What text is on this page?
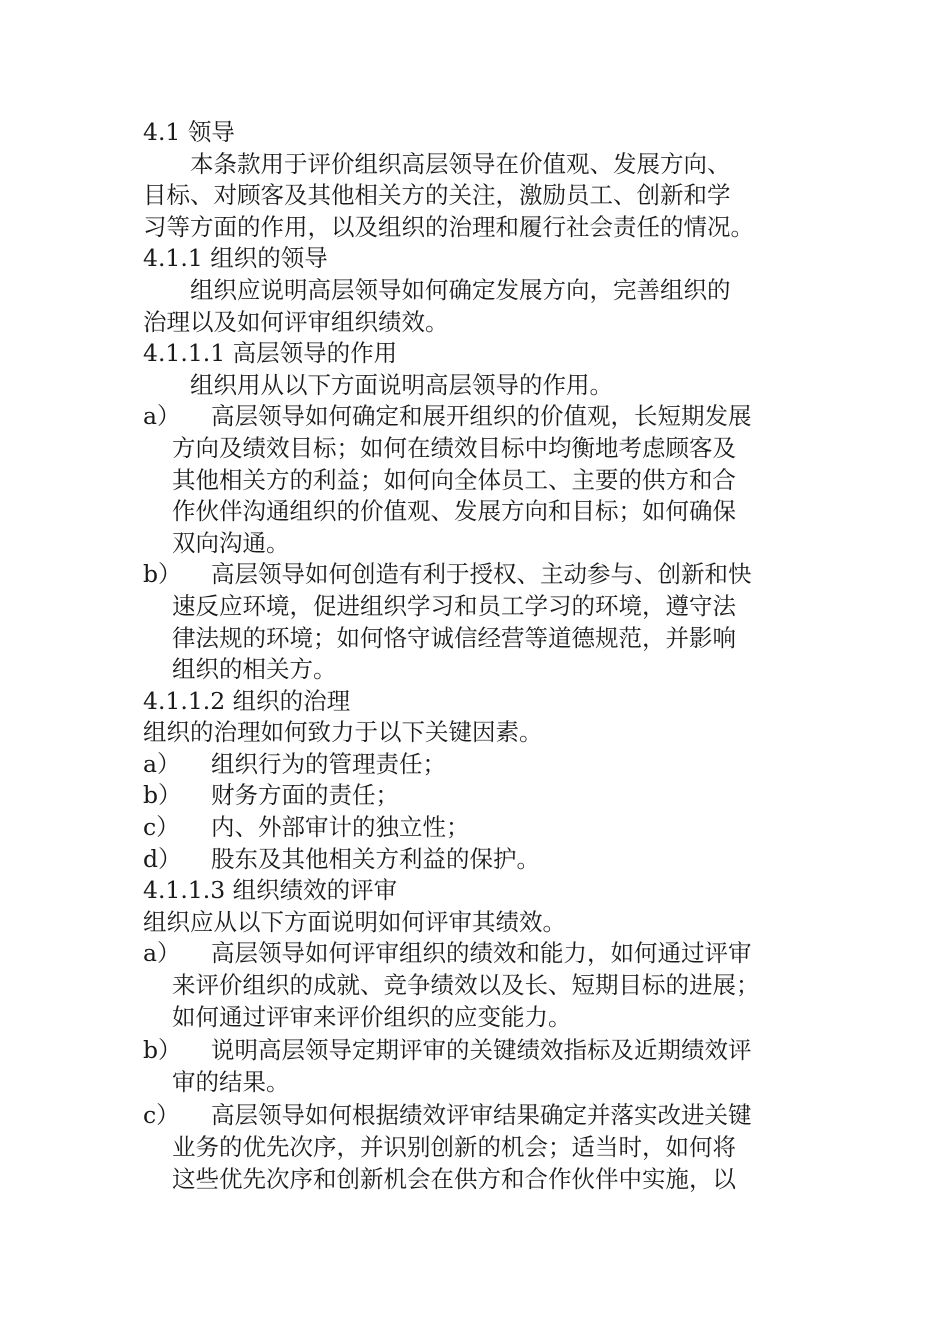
4.1 领导
本条款用于评价组织高层领导在价值观、发展方向、
目标、对顾客及其他相关方的关注，激励员工、创新和学
习等方面的作用，以及组织的治理和履行社会责任的情况。
4.1.1 组织的领导
组织应说明高层领导如何确定发展方向，完善组织的
治理以及如何评审组织绩效。
4.1.1.1 高层领导的作用
组织用从以下方面说明高层领导的作用。
a）	高层领导如何确定和展开组织的价值观，长短期发展
方向及绩效目标；如何在绩效目标中均衡地考虑顾客及
其他相关方的利益；如何向全体员工、主要的供方和合
作伙伴沟通组织的价值观、发展方向和目标；如何确保
双向沟通。
b）	高层领导如何创造有利于授权、主动参与、创新和快
速反应环境，促进组织学习和员工学习的环境，遵守法
律法规的环境；如何恪守诚信经营等道德规范，并影响
组织的相关方。
4.1.1.2 组织的治理
组织的治理如何致力于以下关键因素。
a）	组织行为的管理责任；
b）	财务方面的责任；
c）	内、外部审计的独立性；
d）	股东及其他相关方利益的保护。
4.1.1.3 组织绩效的评审
组织应从以下方面说明如何评审其绩效。
a）	高层领导如何评审组织的绩效和能力，如何通过评审
来评价组织的成就、竞争绩效以及长、短期目标的进展；
如何通过评审来评价组织的应变能力。
b）	说明高层领导定期评审的关键绩效指标及近期绩效评
审的结果。
c）	高层领导如何根据绩效评审结果确定并落实改进关键
业务的优先次序，并识别创新的机会；适当时，如何将
这些优先次序和创新机会在供方和合作伙伴中实施，以
